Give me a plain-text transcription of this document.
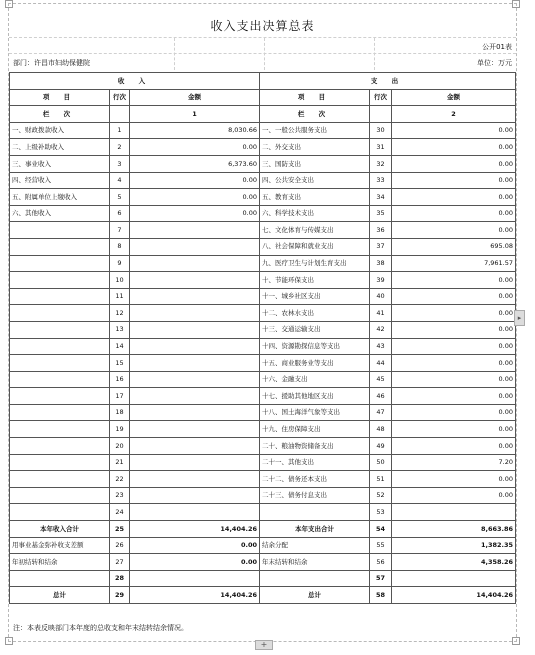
收入支出决算总表
公开01表
部门：许昌市妇幼保健院	单位：万元
收 入			支 出		
项 目	行次	金额	项 目	行次	金额
栏 次		1	栏 次		2
一、财政拨款收入	1	8,030.66	一、一般公共服务支出	30	0.00
二、上级补助收入	2	0.00	二、外交支出	31	0.00
三、事业收入	3	6,373.60	三、国防支出	32	0.00
四、经营收入	4	0.00	四、公共安全支出	33	0.00
五、附属单位上缴收入	5	0.00	五、教育支出	34	0.00
六、其他收入	6	0.00	六、科学技术支出	35	0.00
	7		七、文化体育与传媒支出	36	0.00
	8		八、社会保障和就业支出	37	695.08
	9		九、医疗卫生与计划生育支出	38	7,961.57
	10		十、节能环保支出	39	0.00
	11		十一、城乡社区支出	40	0.00
	12		十二、农林水支出	41	0.00
	13		十三、交通运输支出	42	0.00
	14		十四、资源勘探信息等支出	43	0.00
	15		十五、商业服务业等支出	44	0.00
	16		十六、金融支出	45	0.00
	17		十七、援助其他地区支出	46	0.00
	18		十八、国土海洋气象等支出	47	0.00
	19		十九、住房保障支出	48	0.00
	20		二十、粮油物资储备支出	49	0.00
	21		二十一、其他支出	50	7.20
	22		二十二、债务还本支出	51	0.00
	23		二十三、债务付息支出	52	0.00
	24			53	
本年收入合计	25	14,404.26	本年支出合计	54	8,663.86
用事业基金弥补收支差额	26	0.00	结余分配	55	1,382.35
年初结转和结余	27	0.00	年末结转和结余	56	4,358.26
	28			57	
总计	29	14,404.26	总计	58	14,404.26
注：本表反映部门本年度的总收支和年末结转结余情况。
▸
+
